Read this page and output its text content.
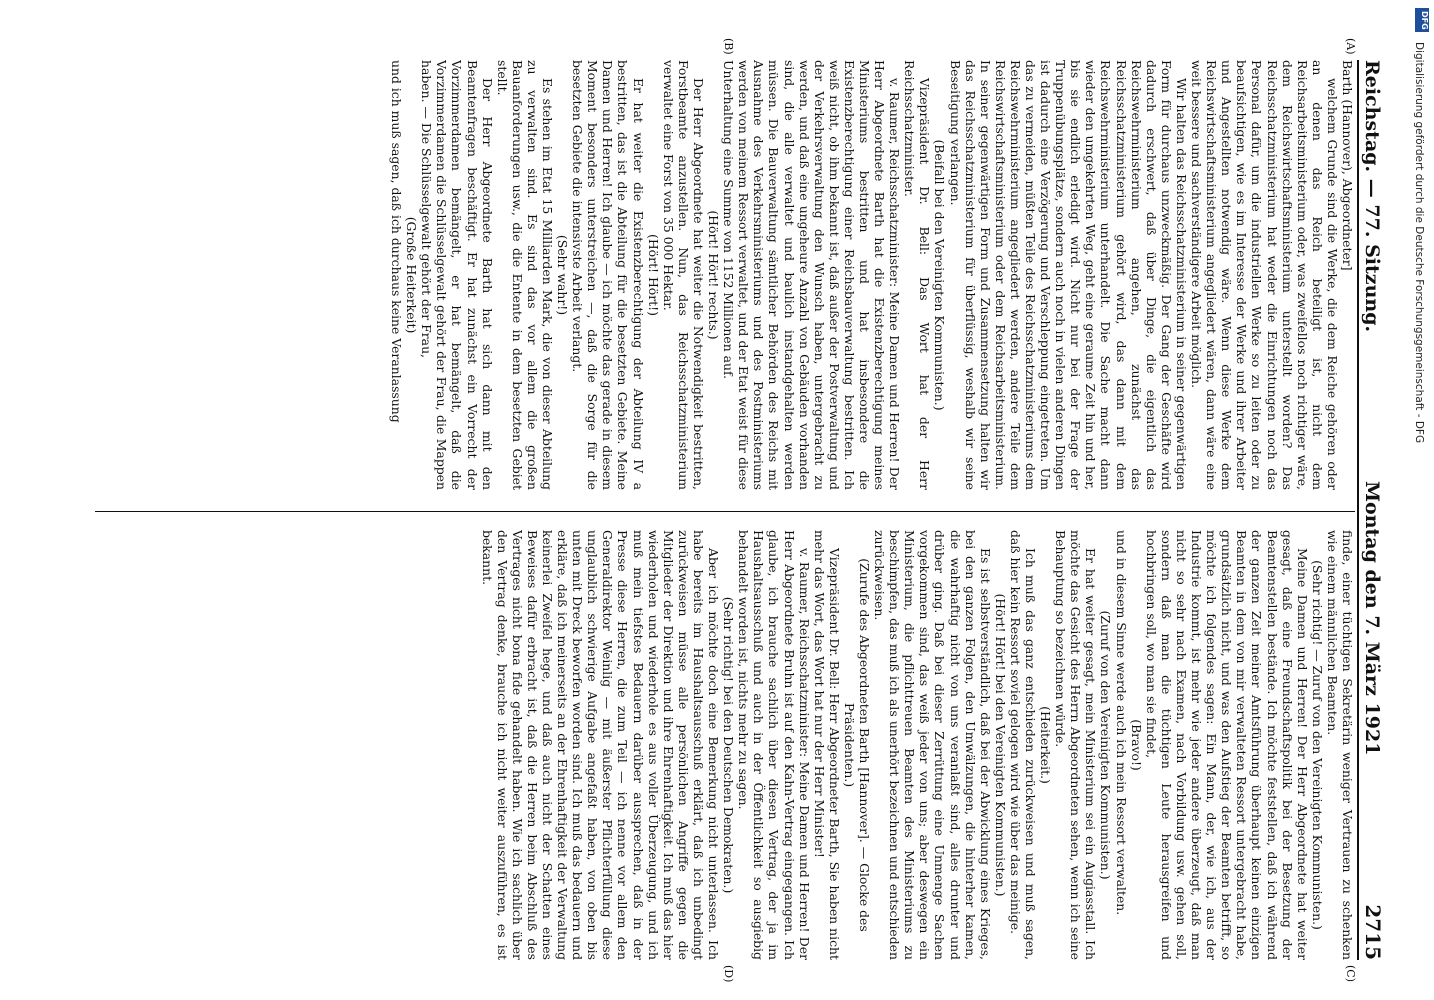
Reichstag. — 77. Sitzung.
Montag den 7. März 1921
2715

Barth (Hannover), Abgeordneter]

welchem Grunde sind die Werke, die dem Reiche gehören oder an denen das Reich beteiligt ist, nicht dem Reichsarbeitsministerium oder, was zweifellos noch richtiger wäre, dem Reichswirtschaftsministerium unterstellt worden? Das Reichsschatzministerium hat weder die Einrichtungen noch das Personal dafür, um die industriellen Werke so zu leiten oder zu beaufsichtigen, wie es im Interesse der Werke und ihrer Arbeiter und Angestellten notwendig wäre. Wenn diese Werke dem Reichswirtschaftsministerium angegliedert wären, dann wäre eine weit bessere und sachverständigere Arbeit möglich.

Wir halten das Reichsschatzministerium in seiner gegenwärtigen Form für durchaus unzweckmäßig. Der Gang der Geschäfte wird dadurch erschwert, daß über Dinge, die eigentlich das Reichswehrministerium angehen, zunächst das Reichsschatzministerium gehört wird, das dann mit dem Reichswehrministerium unterhandelt. Die Sache macht dann wieder den umgekehrten Weg, geht eine geraume Zeit hin und her, bis sie endlich erledigt wird. Nicht nur bei der Frage der Truppenübungsplätze, sondern auch noch in vielen anderen Dingen ist dadurch eine Verzögerung und Verschleppung eingetreten. Um das zu vermeiden, müßten Teile des Reichsschatzministeriums dem Reichswehrministerium angegliedert werden, andere Teile dem Reichswirtschaftsministerium oder dem Reichsarbeitsministerium. In seiner gegenwärtigen Form und Zusammensetzung halten wir das Reichsschatzministerium für überflüssig, weshalb wir seine Beseitigung verlangen.

(Beifall bei den Vereinigten Kommunisten.)

Vizepräsident Dr. Bell: Das Wort hat der Herr Reichsschatzminister.

v. Raumer, Reichsschatzminister: Meine Damen und Herren! Der Herr Abgeordnete Barth hat die Existenzberechtigung meines Ministeriums bestritten und hat insbesondere die Existenzberechtigung einer Reichsbauverwaltung bestritten. Ich weiß nicht, ob ihm bekannt ist, daß außer der Postverwaltung und der Verkehrsverwaltung den Wunsch haben, untergebracht zu werden, und daß eine ungeheure Anzahl von Gebäuden vorhanden sind, die alle verwaltet und baulich instandgehalten werden müssen. Die Bauverwaltung sämtlicher Behörden des Reichs mit Ausnahme des Verkehrsministeriums und des Postministeriums werden von meinem Ressort verwaltet, und der Etat weist für diese Unterhaltung eine Summe von 1152 Millionen auf.

(Hört! Hört! rechts.)

Der Herr Abgeordnete hat weiter die Notwendigkeit bestritten, Forstbeamte anzustellen. Nun, das Reichsschatzministerium verwaltet eine Forst von 35 000 Hektar.

(Hört! Hört!)

Er hat weiter die Existenzberechtigung der Abteilung IV a bestritten, das ist die Abteilung für die besetzten Gebiete. Meine Damen und Herren! Ich glaube — ich möchte das gerade in diesem Moment besonders unterstreichen —, daß die Sorge für die besetzten Gebiete die intensivste Arbeit verlangt.

(Sehr wahr!)

Es stehen im Etat 15 Milliarden Mark, die von dieser Abteilung zu verwalten sind. Es sind das vor allem die großen Bauanforderungen usw., die die Entente in dem besetzten Gebiet stellt.

Der Herr Abgeordnete Barth hat sich dann mit den Beamtenfragen beschäftigt. Er hat zunächst ein Vorrecht der Vorzimmerdamen bemängelt, er hat bemängelt, daß die Vorzimmerdamen die Schlüsselgewalt gehört der Frau, die Mappen haben. — Die Schlüsselgewalt gehört der Frau,

(Große Heiterkeit)

und ich muß sagen, daß ich durchaus keine Veranlassung

finde, einer tüchtigen Sekretärin weniger Vertrauen zu schenken wie einem männlichen Beamten.

(Sehr richtig! — Zuruf von den Vereinigten Kommunisten.)

Meine Damen und Herren! Der Herr Abgeordnete hat weiter gesagt, daß eine Freundschaftspolitik bei der Besetzung der Beamtenstellen bestände. Ich möchte feststellen, daß ich während der ganzen Zeit meiner Amtsführung überhaupt keinen einzigen Beamten in dem von mir verwalteten Ressort untergebracht habe, grundsätzlich nicht, und was den Aufstieg der Beamten betrifft, so möchte ich folgendes sagen: Ein Mann, der, wie ich, aus der Industrie kommt, ist mehr wie jeder andere überzeugt, daß man nicht so sehr nach Examen, nach Vorbildung usw. gehen soll, sondern daß man die tüchtigen Leute herausgreifen und hochbringen soll, wo man sie findet,

(Bravo!)

und in diesem Sinne werde auch ich mein Ressort verwalten.

(Zuruf von den Vereinigten Kommunisten.)

Er hat weiter gesagt, mein Ministerium sei ein Augiasstall. Ich möchte das Gesicht des Herrn Abgeordneten sehen, wenn ich seine Behauptung so bezeichnen würde.

(Heiterkeit.)

Ich muß das ganz entschieden zurückweisen und muß sagen, daß hier kein Ressort soviel gelogen wird wie über das meinige.

(Hört! Hört! bei den Vereinigten Kommunisten.)

Es ist selbstverständlich, daß bei der Abwicklung eines Krieges, bei den ganzen Folgen, den Umwälzungen, die hinterher kamen, die wahrhaftig nicht von uns veranlaßt sind, alles drunter und drüber ging. Daß bei dieser Zerrüttung eine Unmenge Sachen vorgekommen sind, das weiß jeder von uns; aber deswegen ein Ministerium, die pflichttreuen Beamten des Ministeriums zu beschimpfen, das muß ich als unerhört bezeichnen und entschieden zurückweisen.

(Zurufe des Abgeordneten Barth [Hannover]. — Glocke des Präsidenten.)

Vizepräsident Dr. Bell: Herr Abgeordneter Barth, Sie haben nicht mehr das Wort, das Wort hat nur der Herr Minister!

v. Raumer, Reichsschatzminister: Meine Damen und Herren! Der Herr Abgeordnete Bruhn ist auf den Kahn-Vertrag eingegangen. Ich glaube, ich brauche sachlich über diesen Vertrag, der ja im Haushaltsausschuß und auch in der Öffentlichkeit so ausgiebig behandelt worden ist, nichts mehr zu sagen.

(Sehr richtig! bei den Deutschen Demokraten.)

Aber ich möchte doch eine Bemerkung nicht unterlassen. Ich habe bereits im Haushaltsausschuß erklärt, daß ich unbedingt zurückweisen müsse alle persönlichen Angriffe gegen die Mitglieder der Direktion und ihre Ehrenhaftigkeit. Ich muß das hier wiederholen und wiederhole es aus voller Überzeugung, und ich muß mein tiefstes Bedauern darüber aussprechen, daß in der Presse diese Herren, die zum Teil — ich nenne vor allem den Generaldirektor Weinlig — mit äußerster Pflichterfüllung diese unglaublich schwierige Aufgabe angefaßt haben, von oben bis unten mit Dreck beworfen worden sind. Ich muß das bedauern und erkläre, daß ich meinerseits an der Ehrenhaftigkeit der Verwaltung keinerlei Zweifel hege, und daß auch nicht der Schatten eines Beweises dafür erbracht ist, daß die Herren beim Abschluß des Vertrages nicht bona fide gehandelt haben. Wie ich sachlich über den Vertrag denke, brauche ich nicht weiter auszuführen, es ist bekannt.

(A)
(B)
(C)
(D)
DFG
Digitalisierung gefördert durch die Deutsche Forschungsgemeinschaft - DFG
